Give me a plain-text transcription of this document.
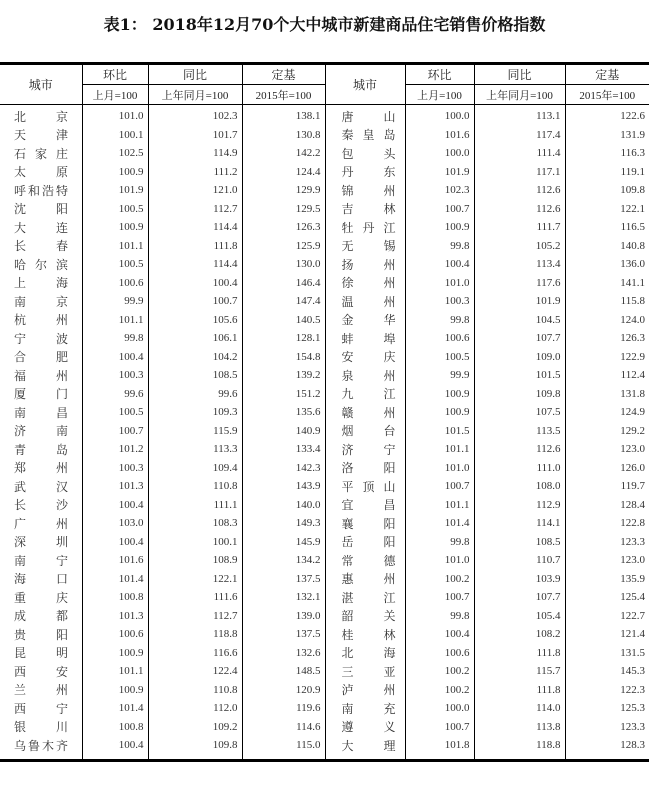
表1： 2018年12月70个大中城市新建商品住宅销售价格指数
城市	环比	同比	定基	城市	环比	同比	定基
	上月=100	上年同月=100	2015年=100		上月=100	上年同月=100	2015年=100
北京	101.0	102.3	138.1	唐山	100.0	113.1	122.6
天津	100.1	101.7	130.8	秦皇岛	101.6	117.4	131.9
石家庄	102.5	114.9	142.2	包头	100.0	111.4	116.3
太原	100.9	111.2	124.4	丹东	101.9	117.1	119.1
呼和浩特	101.9	121.0	129.9	锦州	102.3	112.6	109.8
沈阳	100.5	112.7	129.5	吉林	100.7	112.6	122.1
大连	100.9	114.4	126.3	牡丹江	100.9	111.7	116.5
长春	101.1	111.8	125.9	无锡	99.8	105.2	140.8
哈尔滨	100.5	114.4	130.0	扬州	100.4	113.4	136.0
上海	100.6	100.4	146.4	徐州	101.0	117.6	141.1
南京	99.9	100.7	147.4	温州	100.3	101.9	115.8
杭州	101.1	105.6	140.5	金华	99.8	104.5	124.0
宁波	99.8	106.1	128.1	蚌埠	100.6	107.7	126.3
合肥	100.4	104.2	154.8	安庆	100.5	109.0	122.9
福州	100.3	108.5	139.2	泉州	99.9	101.5	112.4
厦门	99.6	99.6	151.2	九江	100.9	109.8	131.8
南昌	100.5	109.3	135.6	赣州	100.9	107.5	124.9
济南	100.7	115.9	140.9	烟台	101.5	113.5	129.2
青岛	101.2	113.3	133.4	济宁	101.1	112.6	123.0
郑州	100.3	109.4	142.3	洛阳	101.0	111.0	126.0
武汉	101.3	110.8	143.9	平顶山	100.7	108.0	119.7
长沙	100.4	111.1	140.0	宜昌	101.1	112.9	128.4
广州	103.0	108.3	149.3	襄阳	101.4	114.1	122.8
深圳	100.4	100.1	145.9	岳阳	99.8	108.5	123.3
南宁	101.6	108.9	134.2	常德	101.0	110.7	123.0
海口	101.4	122.1	137.5	惠州	100.2	103.9	135.9
重庆	100.8	111.6	132.1	湛江	100.7	107.7	125.4
成都	101.3	112.7	139.0	韶关	99.8	105.4	122.7
贵阳	100.6	118.8	137.5	桂林	100.4	108.2	121.4
昆明	100.9	116.6	132.6	北海	100.6	111.8	131.5
西安	101.1	122.4	148.5	三亚	100.2	115.7	145.3
兰州	100.9	110.8	120.9	泸州	100.2	111.8	122.3
西宁	101.4	112.0	119.6	南充	100.0	114.0	125.3
银川	100.8	109.2	114.6	遵义	100.7	113.8	123.3
乌鲁木齐	100.4	109.8	115.0	大理	101.8	118.8	128.3
